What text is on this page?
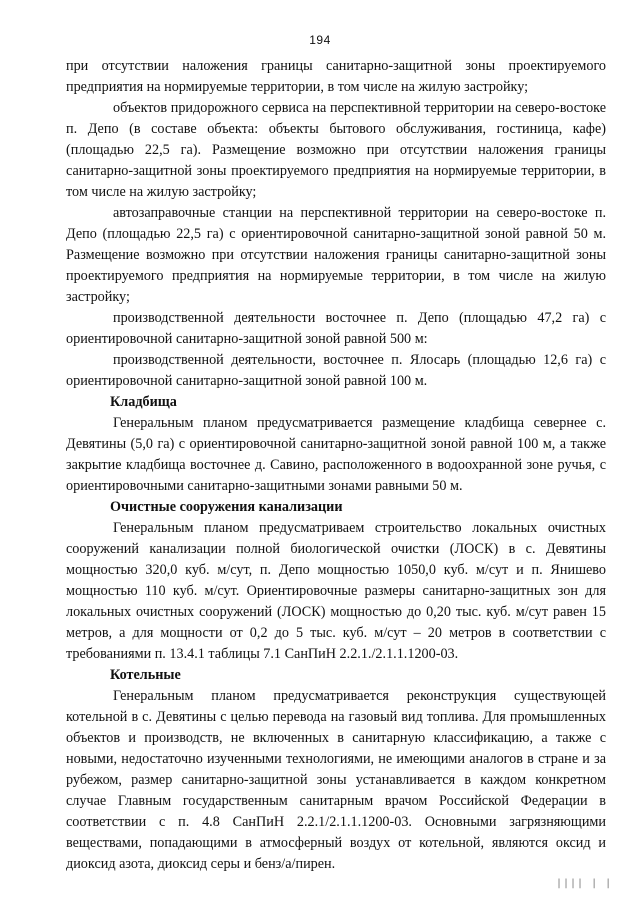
194

при отсутствии наложения границы санитарно-защитной зоны проектируемого предприятия на нормируемые территории, в том числе на жилую застройку;

объектов придорожного сервиса на перспективной территории на северо-востоке п. Депо (в составе объекта: объекты бытового обслуживания, гостиница, кафе) (площадью 22,5 га). Размещение возможно при отсутствии наложения границы санитарно-защитной зоны проектируемого предприятия на нормируемые территории, в том числе на жилую застройку;

автозаправочные станции на перспективной территории на северо-востоке п. Депо (площадью 22,5 га) с ориентировочной санитарно-защитной зоной равной 50 м. Размещение возможно при отсутствии наложения границы санитарно-защитной зоны проектируемого предприятия на нормируемые территории, в том числе на жилую застройку;

производственной деятельности восточнее п. Депо (площадью 47,2 га) с ориентировочной санитарно-защитной зоной равной 500 м:

производственной деятельности, восточнее п. Ялосарь (площадью 12,6 га) с ориентировочной санитарно-защитной зоной равной 100 м.

Кладбища

Генеральным планом предусматривается размещение кладбища севернее с. Девятины (5,0 га) с ориентировочной санитарно-защитной зоной равной 100 м, а также закрытие кладбища восточнее д. Савино, расположенного в водоохранной зоне ручья, с ориентировочными санитарно-защитными зонами равными 50 м.

Очистные сооружения канализации

Генеральным планом предусматриваем строительство локальных очистных сооружений канализации полной биологической очистки (ЛОСК) в с. Девятины мощностью 320,0 куб. м/сут, п. Депо мощностью 1050,0 куб. м/сут и п. Янишево мощностью 110 куб. м/сут. Ориентировочные размеры санитарно-защитных зон для локальных очистных сооружений (ЛОСК) мощностью до 0,20 тыс. куб. м/сут равен 15 метров, а для мощности от 0,2 до 5 тыс. куб. м/сут – 20 метров в соответствии с требованиями п. 13.4.1 таблицы 7.1 СанПиН 2.2.1./2.1.1.1200-03.

Котельные

Генеральным планом предусматривается реконструкция существующей котельной в с. Девятины с целью перевода на газовый вид топлива. Для промышленных объектов и производств, не включенных в санитарную классификацию, а также с новыми, недостаточно изученными технологиями, не имеющими аналогов в стране и за рубежом, размер санитарно-защитной зоны устанавливается в каждом конкретном случае Главным государственным санитарным врачом Российской Федерации в соответствии с п. 4.8 СанПиН 2.2.1/2.1.1.1200-03. Основными загрязняющими веществами, попадающими в атмосферный воздух от котельной, являются оксид и диоксид азота, диоксид серы и бенз/а/пирен.

|||| | |
